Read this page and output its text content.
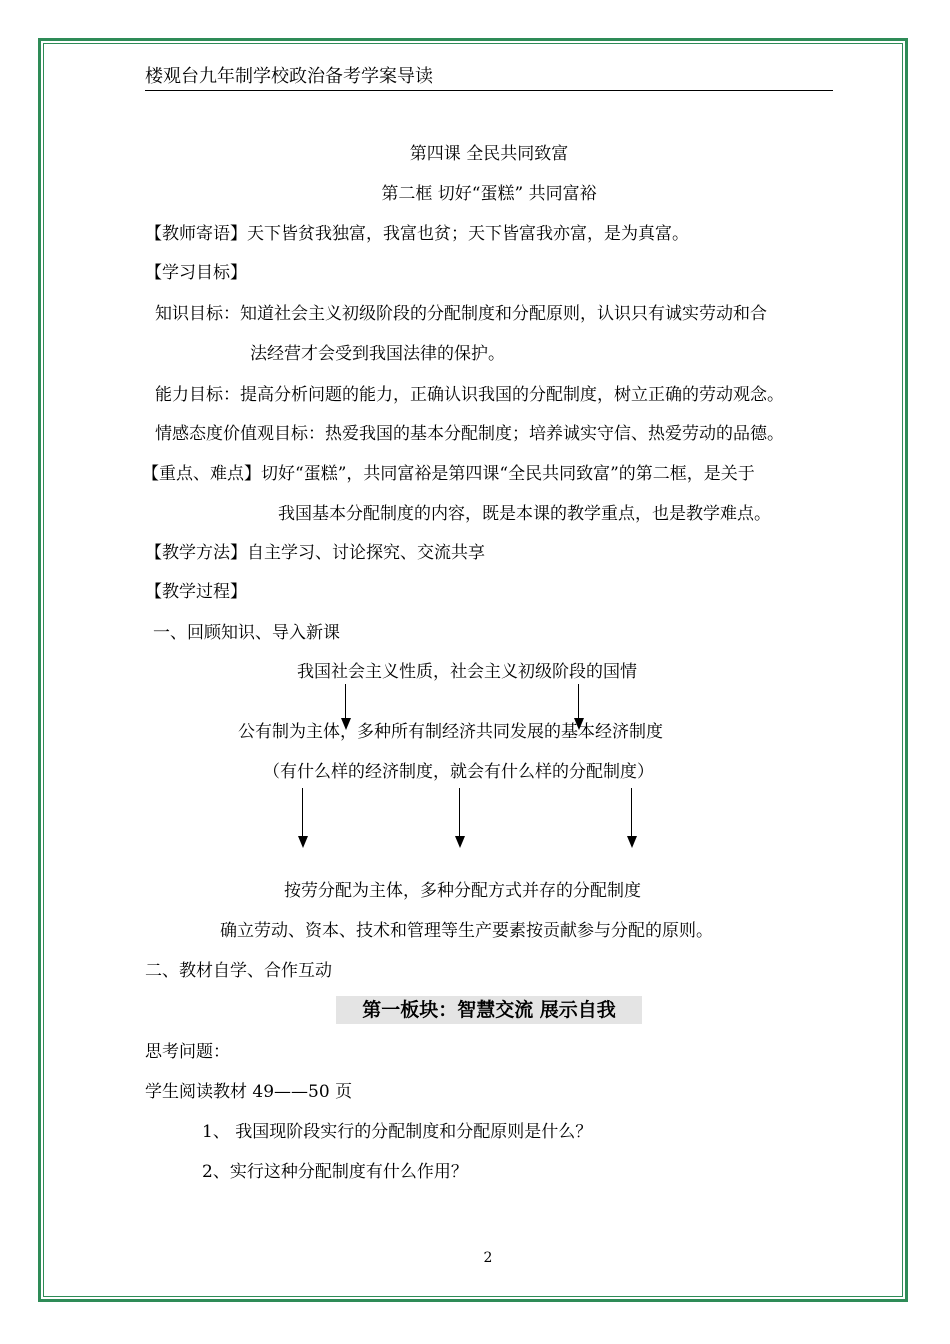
楼观台九年制学校政治备考学案导读
第四课 全民共同致富
第二框 切好“蛋糕” 共同富裕
【教师寄语】天下皆贫我独富，我富也贫；天下皆富我亦富，是为真富。
【学习目标】
知识目标：知道社会主义初级阶段的分配制度和分配原则，认识只有诚实劳动和合
法经营才会受到我国法律的保护。
能力目标：提高分析问题的能力，正确认识我国的分配制度，树立正确的劳动观念。
情感态度价值观目标：热爱我国的基本分配制度；培养诚实守信、热爱劳动的品德。
【重点、难点】切好“蛋糕”，共同富裕是第四课“全民共同致富”的第二框，是关于
我国基本分配制度的内容，既是本课的教学重点，也是教学难点。
【教学方法】自主学习、讨论探究、交流共享
【教学过程】
一、回顾知识、导入新课
我国社会主义性质，社会主义初级阶段的国情
公有制为主体，多种所有制经济共同发展的基本经济制度
（有什么样的经济制度，就会有什么样的分配制度）
按劳分配为主体，多种分配方式并存的分配制度
确立劳动、资本、技术和管理等生产要素按贡献参与分配的原则。
二、教材自学、合作互动
第一板块：智慧交流 展示自我
思考问题：
学生阅读教材 49——50 页
1、 我国现阶段实行的分配制度和分配原则是什么？
2、实行这种分配制度有什么作用？
2
